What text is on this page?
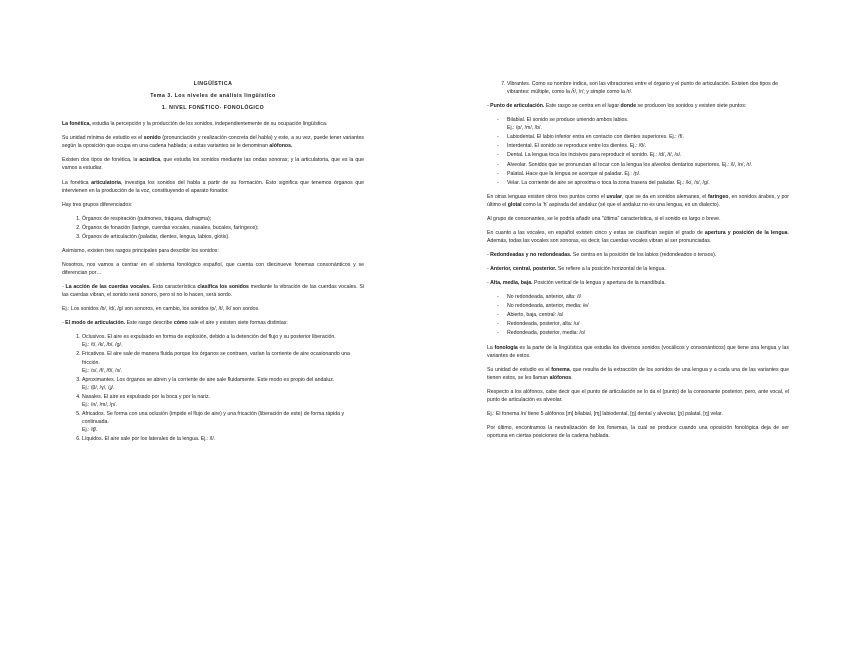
LINGÜÍSTICA
Tema 3. Los niveles de análisis lingüístico
1. NIVEL FONÉTICO- FONOLÓGICO

La fonética, estudia la percepción y la producción de los sonidos, independientemente de su ocupación lingüística.

Su unidad mínima de estudio es el sonido (pronunciación y realización concreta del habla) y este, a su vez, puede tener variantes según la oposición que ocupa en una cadena hablada; a estas variantes se le denominan alófonos.

Existen dos tipos de fonética, la acústica, que estudia los sonidos mediante las ondas sonoras; y la articulatoria, que es la que vamos a estudiar.

La fonética articulatoria, investiga los sonidos del habla a partir de su formación. Esto significa que tenemos órganos que intervienen en la producción de la voz, constituyendo el aparato fonador.

Hay tres grupos diferenciados:

1. Órganos de respiración (pulmones, tráquea, diafragma);
2. Órganos de fonación (laringe, cuerdas vocales, nasales, bucales, faríngeos);
3. Órganos de articulación (paladar, dientes, lengua, labios, glotis).

Asimismo, existen tres rasgos principales para describir los sonidos:

Nosotros, nos vamos a centrar en el sistema fonológico español, que cuenta con diecinueve fonemas consonánticos y se diferencian por…

- La acción de las cuerdas vocales. Esta característica clasifica los sonidos mediante la vibración de las cuerdas vocales. Si las cuerdas vibran, el sonido será sonoro, pero si no lo hacen, será sordo.

Ej.: Los sonidos /b/, /d/, /g/ son sonoros, en cambio, los sonidos /p/, /t/, /k/ son sordos.

- El modo de articulación. Este rasgo describe cómo sale el aire y existen siete formas distintas:

1. Oclusivos. El aire es expulsado en forma de explosión, debido a la detención del flujo y su posterior liberación.
Ej.: /t/, /k/, /b/, /g/.
2. Fricativos. El aire sale de manera fluida porque los órganos se contraen, varían la corriente de aire ocasionando una fricción.
Ej.: /s/, /f/, /θ/, /x/.
3. Aproximantes. Los órganos se abren y la corriente de aire sale fluidamente. Este modo es propio del andaluz.
Ej.: /β/, /γ/, /ʝ/.
4. Nasales. El aire es expulsado por la boca y por la nariz.
Ej.: /n/, /m/, /ɲ/.
5. Africados. Se forma con una oclusión (impide el flujo de aire) y una fricación (liberación de este) de forma rápida y continuada.
Ej.: /ʧ/.
6. Líquidos. El aire sale por los laterales de la lengua. Ej.: /l/.
7. Vibrantes. Como su nombre indica, son las vibraciones entre el órgano y el punto de articulación. Existen dos tipos de vibrantes: múltiple, como la /r̄/, /r/; y simple como la /r/.

- Punto de articulación. Este rasgo se centra en el lugar donde se producen los sonidos y existen siete puntos:

- Bilabial. El sonido se produce uniendo ambos labios.
Ej.: /p/, /m/, /b/.
- Labiodental. El labio inferior entra en contacto con dientes superiores. Ej.: /f/.
- Interdental. El sonido se reproduce entre los dientes. Ej.: /θ/.
- Dental. La lengua toca los incisivos para reproducir el sonido. Ej.: /d/, /t/, /s/.
- Alveolar. Sonidos que se pronuncian al tocar con la lengua los alveolos dentarios superiores. Ej.: /l/, /n/, /r/.
- Palatal. Hace que la lengua se acerque al paladar. Ej.: /ɲ/.
- Velar. La corriente de aire se aproxima o toca la zona trasera del paladar. Ej.: /k/, /x/, /g/.

En otras lenguas existen otros tres puntos como el uvular, que se da en sonidos alemanes, el faríngeo, en sonidos árabes, y por último el glotal como la 'h' aspirada del andaluz (sé que el andaluz no es una lengua, es un dialecto).

Al grupo de consonantes, se le podría añadir una "última" característica, si el sonido es largo o breve.

En cuanto a las vocales, en español existen cinco y estas se clasifican según el grado de apertura y posición de la lengua. Además, todas las vocales son sonoras, es decir, las cuerdas vocales vibran al ser pronunciadas.

- Redondeadas y no redondeadas. Se centra en la posición de los labios (redondeados o tensos).

- Anterior, central, posterior. Se refiere a la posición horizontal de la lengua.

- Alta, media, baja. Posición vertical de la lengua y apertura de la mandíbula.

- No redondeada, anterior, alta: /i/
- No redondeada, anterior, media: /e/
- Abierto, baja, central: /a/
- Redondeada, posterior, alta: /u/
- Redondeada, posterior, media: /o/

La fonología es la parte de la lingüística que estudia los diversos sonidos (vocálicos y consonánticos) que tiene una lengua y las variantes de estos.

Su unidad de estudio es el fonema, que resulta de la extracción de los sonidos de una lengua y a cada una de las variantes que tienen estos, se les llaman alófonos.

Respecto a los alófonos, cabe decir que el punto de articulación se lo da el (punto) de la consonante posterior, pero, ante vocal, el punto de articulación es alveolar.

Ej.: El fonema /n/ tiene 5 alófonos [m] bilabial, [ɱ] labiodental, [n̪] dental y alveolar, [ɲ] palatal, [ŋ] velar.

Por último, encontramos la neutralización de los fonemas, la cual se produce cuando una oposición fonológica deja de ser oportuna en ciertas posiciones de la cadena hablada.
